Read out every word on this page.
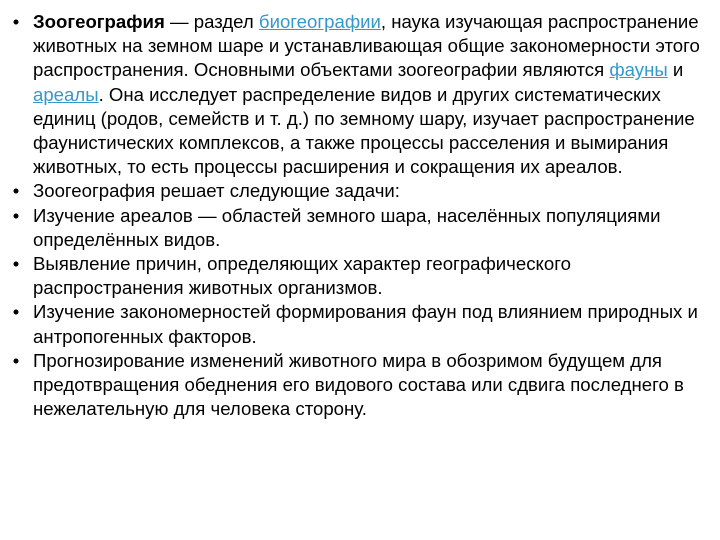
• Зоогеография — раздел биогеографии, наука изучающая распространение животных на земном шаре и устанавливающая общие закономерности этого распространения. Основными объектами зоогеографии являются фауны и ареалы. Она исследует распределение видов и других систематических единиц (родов, семейств и т. д.) по земному шару, изучает распространение фаунистических комплексов, а также процессы расселения и вымирания животных, то есть процессы расширения и сокращения их ареалов.
• Зоогеография решает следующие задачи:
• Изучение ареалов — областей земного шара, населённых популяциями определённых видов.
• Выявление причин, определяющих характер географического распространения животных организмов.
• Изучение закономерностей формирования фаун под влиянием природных и антропогенных факторов.
• Прогнозирование изменений животного мира в обозримом будущем для предотвращения обеднения его видового состава или сдвига последнего в нежелательную для человека сторону.
